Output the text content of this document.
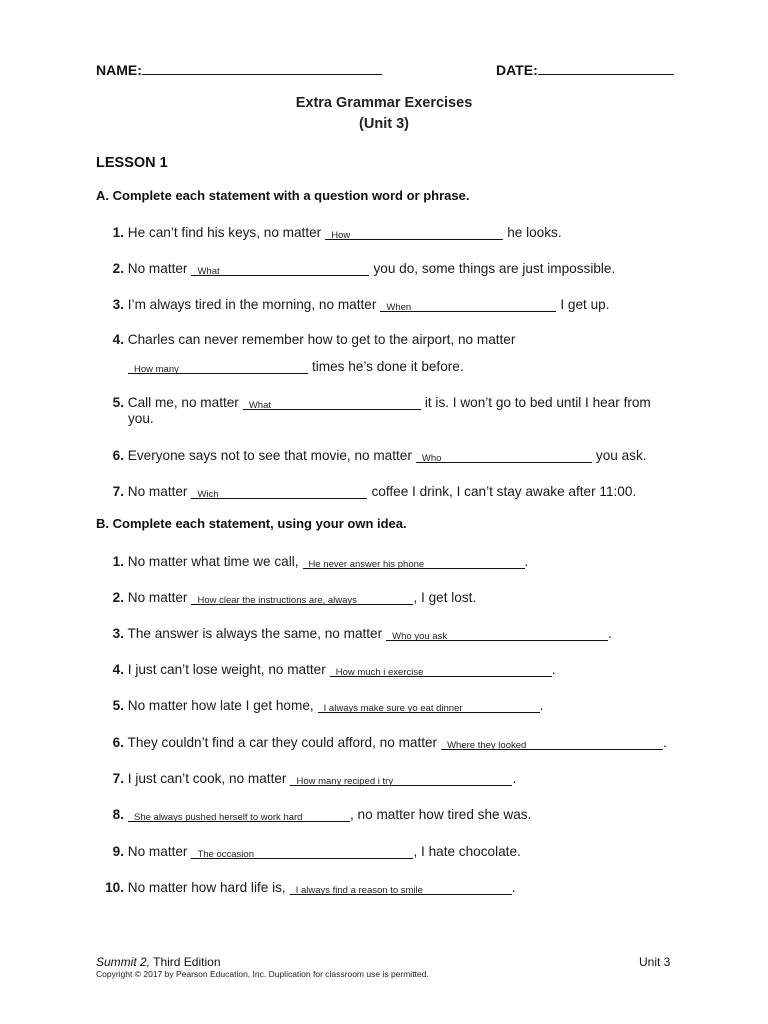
NAME:	DATE:
Extra Grammar Exercises
(Unit 3)
LESSON 1
A. Complete each statement with a question word or phrase.
1. He can’t find his keys, no matter How	he looks.
2. No matter What	you do, some things are just impossible.
3. I’m always tired in the morning, no matter When	I get up.
4. Charles can never remember how to get to the airport, no matter
How many	times he’s done it before.
5. Call me, no matter What	it is. I won’t go to bed until I hear from
you.
6. Everyone says not to see that movie, no matter Who	you ask.
7. No matter Wich	coffee I drink, I can’t stay awake after 11:00.
B. Complete each statement, using your own idea.
1. No matter what time we call, He never answer his phone	.
2. No matter How clear the instructions are, always	, I get lost.
3. The answer is always the same, no matter Who you ask	.
4. I just can’t lose weight, no matter How much i exercise	.
5. No matter how late I get home, I always make sure yo eat dinner	.
6. They couldn’t find a car they could afford, no matter Where they looked	.
7. I just can’t cook, no matter How many reciped i try	.
8. She always pushed herself to work hard	, no matter how tired she was.
9. No matter The occasion	, I hate chocolate.
10. No matter how hard life is, I always find a reason to smile	.
Summit 2, Third Edition	Unit 3
Copyright © 2017 by Pearson Education, Inc. Duplication for classroom use is permitted.
